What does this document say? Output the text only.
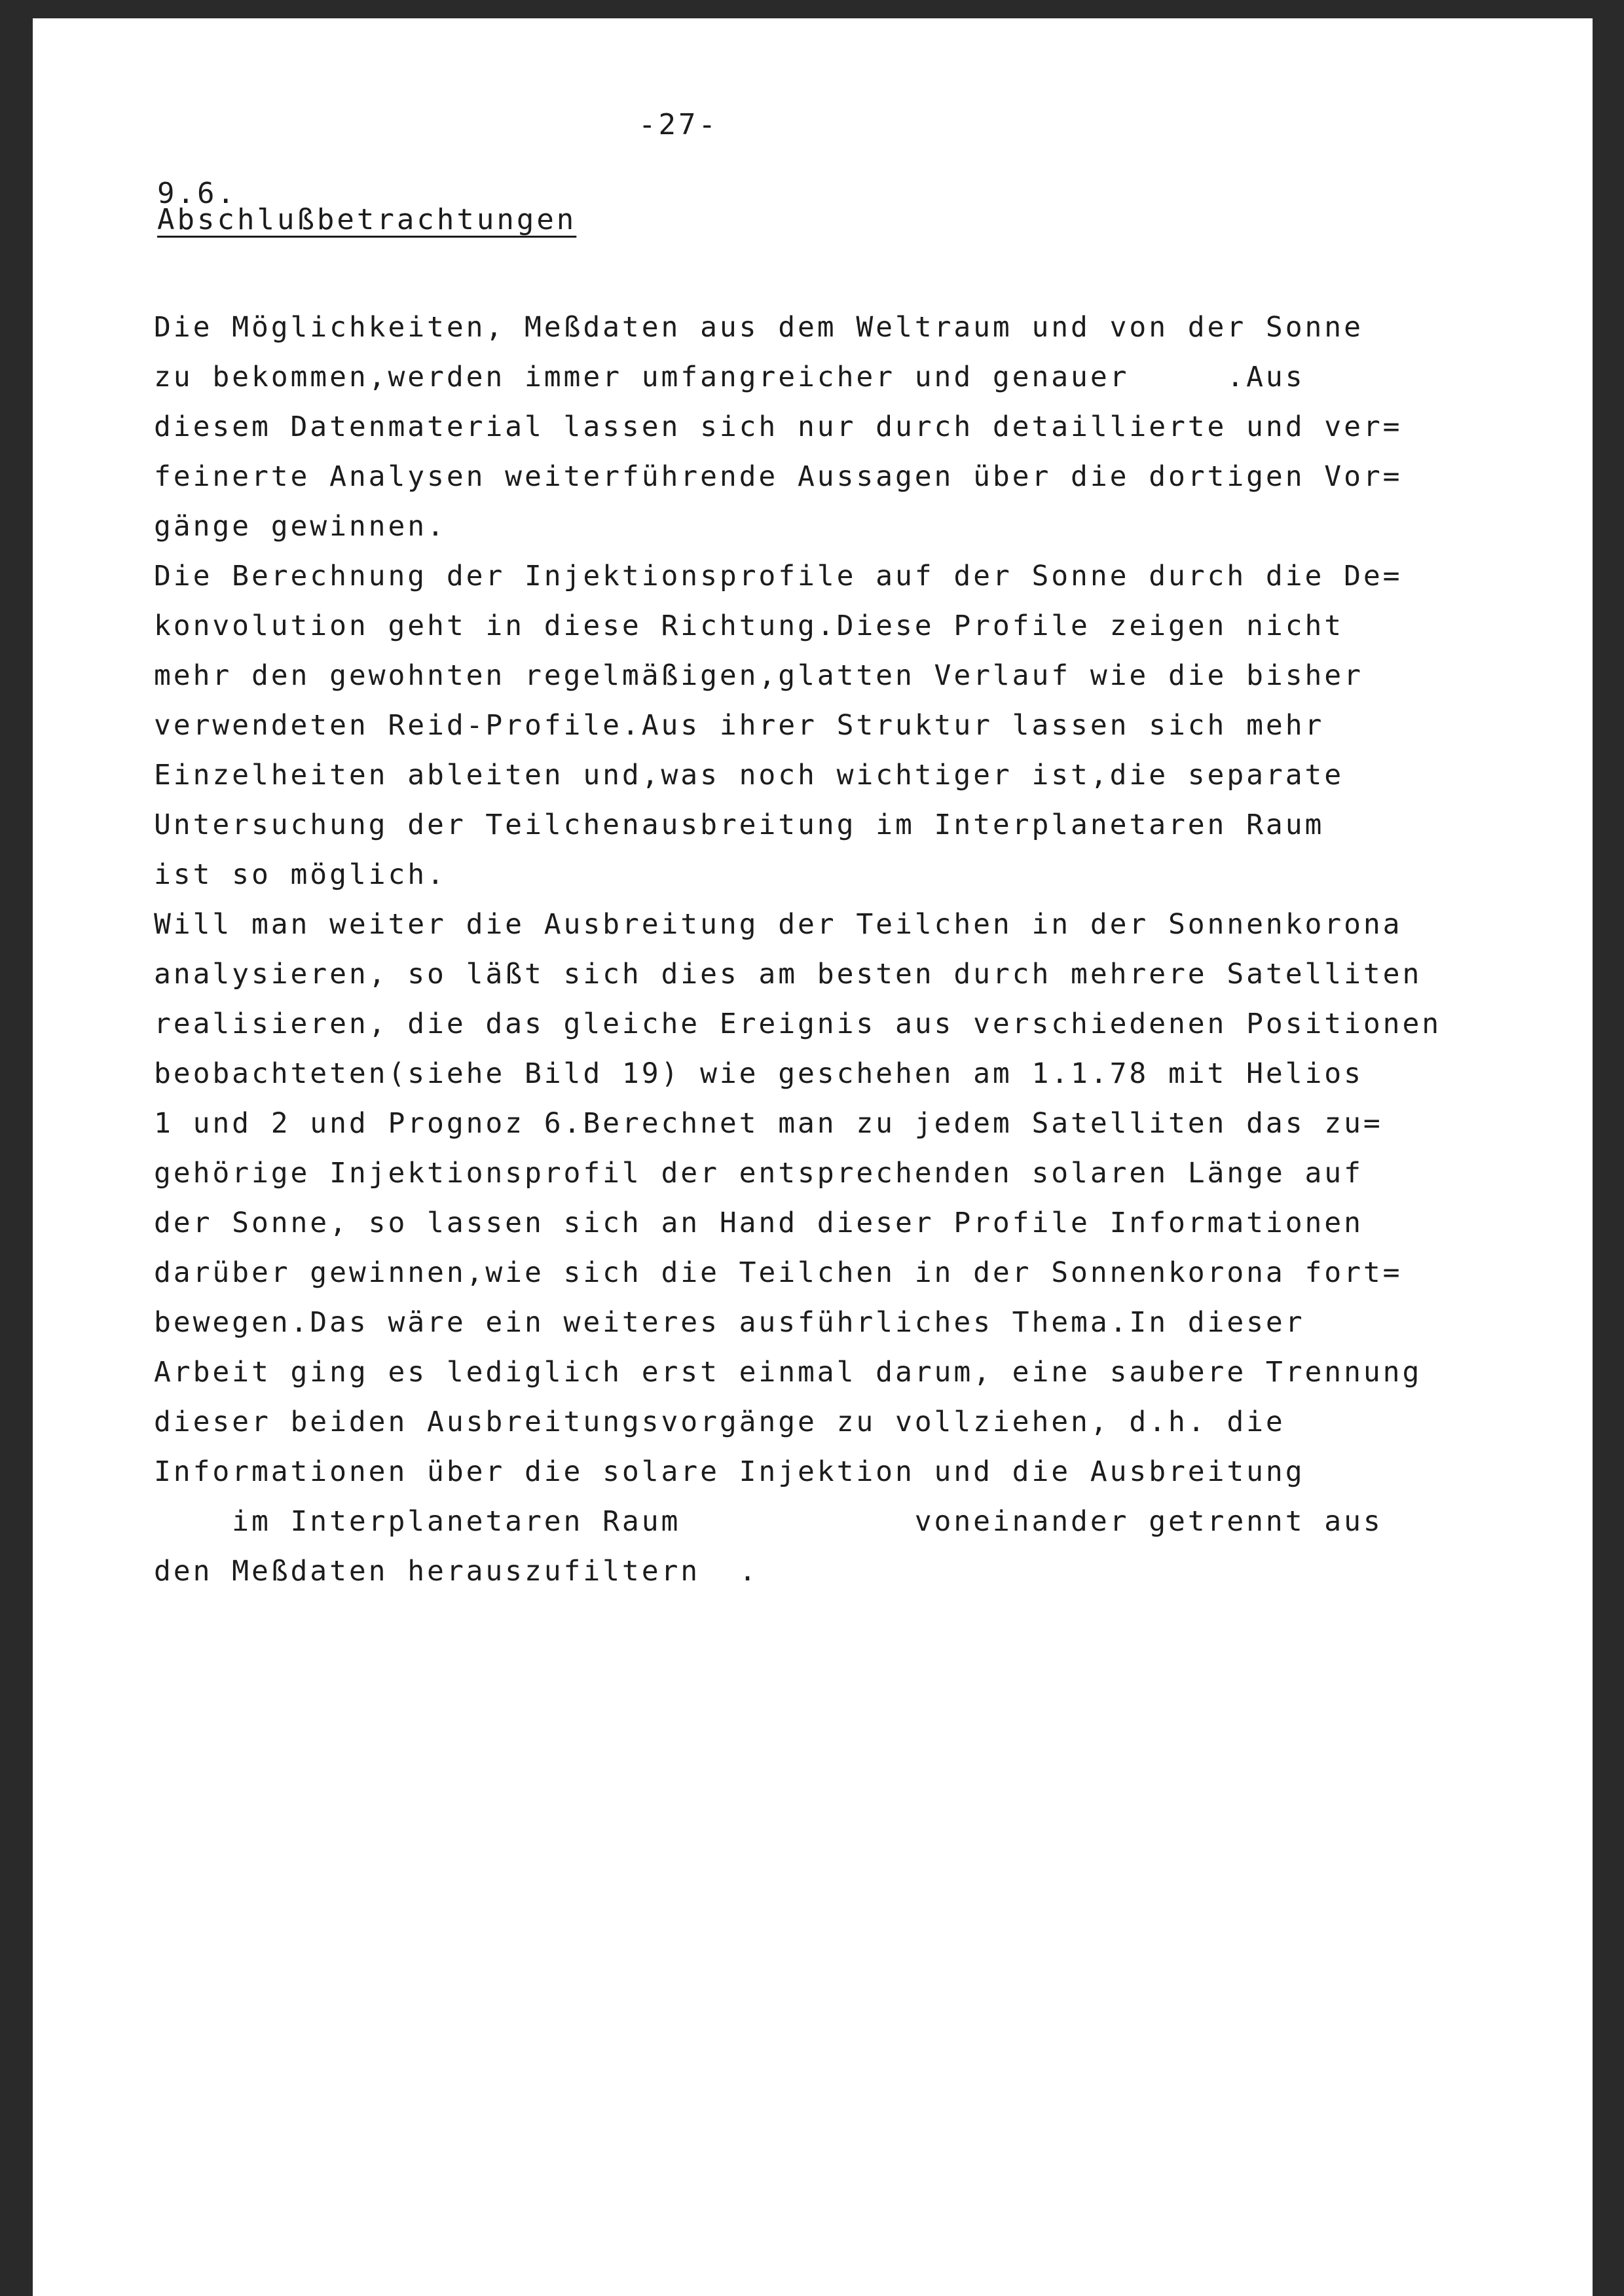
-27-
9.6.
Abschlußbetrachtungen
Die Möglichkeiten, Meßdaten aus dem Weltraum und von der Sonne
zu bekommen,werden immer umfangreicher und genauer     .Aus
diesem Datenmaterial lassen sich nur durch detaillierte und ver=
feinerte Analysen weiterführende Aussagen über die dortigen Vor=
gänge gewinnen.
Die Berechnung der Injektionsprofile auf der Sonne durch die De=
konvolution geht in diese Richtung.Diese Profile zeigen nicht
mehr den gewohnten regelmäßigen,glatten Verlauf wie die bisher
verwendeten Reid-Profile.Aus ihrer Struktur lassen sich mehr
Einzelheiten ableiten und,was noch wichtiger ist,die separate
Untersuchung der Teilchenausbreitung im Interplanetaren Raum
ist so möglich.
Will man weiter die Ausbreitung der Teilchen in der Sonnenkorona
analysieren, so läßt sich dies am besten durch mehrere Satelliten
realisieren, die das gleiche Ereignis aus verschiedenen Positionen
beobachteten(siehe Bild 19) wie geschehen am 1.1.78 mit Helios
1 und 2 und Prognoz 6.Berechnet man zu jedem Satelliten das zu=
gehörige Injektionsprofil der entsprechenden solaren Länge auf
der Sonne, so lassen sich an Hand dieser Profile Informationen
darüber gewinnen,wie sich die Teilchen in der Sonnenkorona fort=
bewegen.Das wäre ein weiteres ausführliches Thema.In dieser
Arbeit ging es lediglich erst einmal darum, eine saubere Trennung
dieser beiden Ausbreitungsvorgänge zu vollziehen, d.h. die
Informationen über die solare Injektion und die Ausbreitung
im Interplanetaren Raum            voneinander getrennt aus
den Meßdaten herauszufiltern  .
